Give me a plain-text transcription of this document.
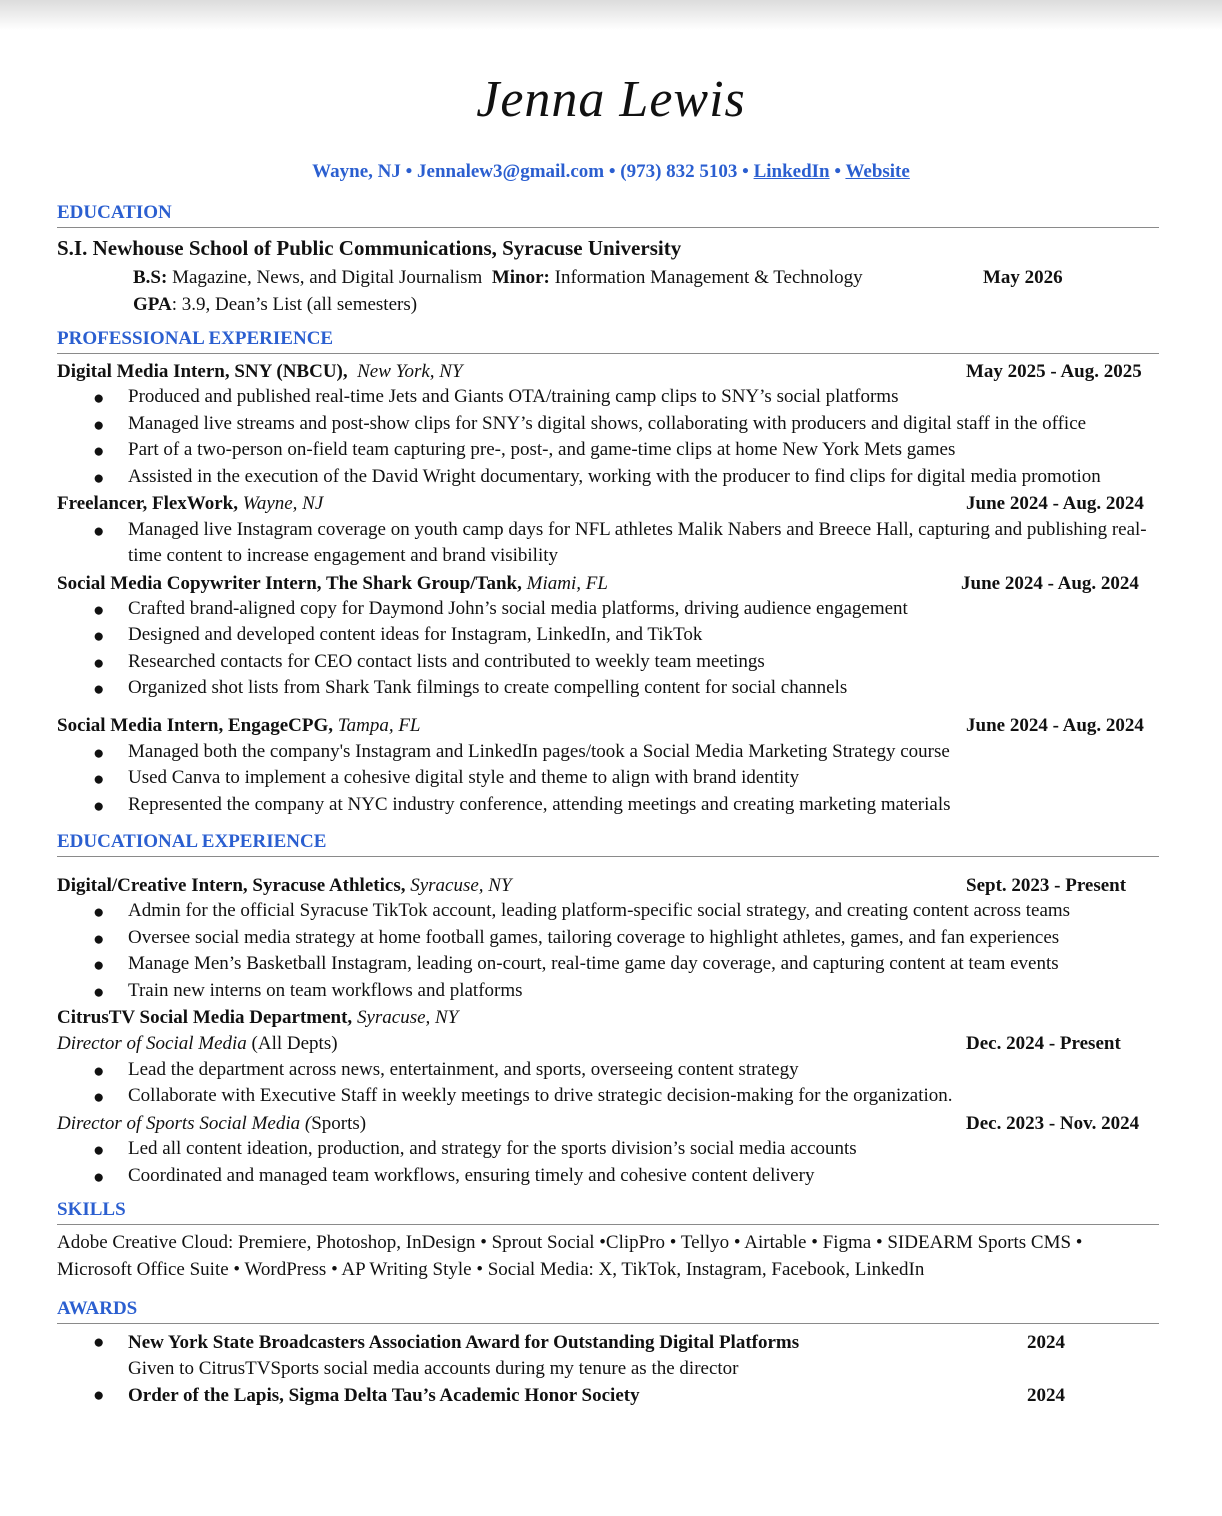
Jenna Lewis
Wayne, NJ • Jennalew3@gmail.com • (973) 832 5103 • LinkedIn • Website
EDUCATION
S.I. Newhouse School of Public Communications, Syracuse University
B.S: Magazine, News, and Digital Journalism Minor: Information Management & Technology	May 2026
GPA: 3.9, Dean’s List (all semesters)
PROFESSIONAL EXPERIENCE
Digital Media Intern, SNY (NBCU), New York, NY	May 2025 - Aug. 2025
● Produced and published real-time Jets and Giants OTA/training camp clips to SNY’s social platforms
● Managed live streams and post-show clips for SNY’s digital shows, collaborating with producers and digital staff in the office
● Part of a two-person on-field team capturing pre-, post-, and game-time clips at home New York Mets games
● Assisted in the execution of the David Wright documentary, working with the producer to find clips for digital media promotion
Freelancer, FlexWork, Wayne, NJ	June 2024 - Aug. 2024
● Managed live Instagram coverage on youth camp days for NFL athletes Malik Nabers and Breece Hall, capturing and publishing real-time content to increase engagement and brand visibility
Social Media Copywriter Intern, The Shark Group/Tank, Miami, FL	June 2024 - Aug. 2024
● Crafted brand-aligned copy for Daymond John’s social media platforms, driving audience engagement
● Designed and developed content ideas for Instagram, LinkedIn, and TikTok
● Researched contacts for CEO contact lists and contributed to weekly team meetings
● Organized shot lists from Shark Tank filmings to create compelling content for social channels
Social Media Intern, EngageCPG, Tampa, FL	June 2024 - Aug. 2024
● Managed both the company's Instagram and LinkedIn pages/took a Social Media Marketing Strategy course
● Used Canva to implement a cohesive digital style and theme to align with brand identity
● Represented the company at NYC industry conference, attending meetings and creating marketing materials
EDUCATIONAL EXPERIENCE
Digital/Creative Intern, Syracuse Athletics, Syracuse, NY	Sept. 2023 - Present
● Admin for the official Syracuse TikTok account, leading platform-specific social strategy, and creating content across teams
● Oversee social media strategy at home football games, tailoring coverage to highlight athletes, games, and fan experiences
● Manage Men’s Basketball Instagram, leading on-court, real-time game day coverage, and capturing content at team events
● Train new interns on team workflows and platforms
CitrusTV Social Media Department, Syracuse, NY
Director of Social Media (All Depts)	Dec. 2024 - Present
● Lead the department across news, entertainment, and sports, overseeing content strategy
● Collaborate with Executive Staff in weekly meetings to drive strategic decision-making for the organization.
Director of Sports Social Media (Sports)	Dec. 2023 - Nov. 2024
● Led all content ideation, production, and strategy for the sports division’s social media accounts
● Coordinated and managed team workflows, ensuring timely and cohesive content delivery
SKILLS
Adobe Creative Cloud: Premiere, Photoshop, InDesign • Sprout Social •ClipPro • Tellyo • Airtable • Figma • SIDEARM Sports CMS •
Microsoft Office Suite • WordPress • AP Writing Style • Social Media: X, TikTok, Instagram, Facebook, LinkedIn
AWARDS
● New York State Broadcasters Association Award for Outstanding Digital Platforms	2024
Given to CitrusTVSports social media accounts during my tenure as the director
● Order of the Lapis, Sigma Delta Tau’s Academic Honor Society	2024
